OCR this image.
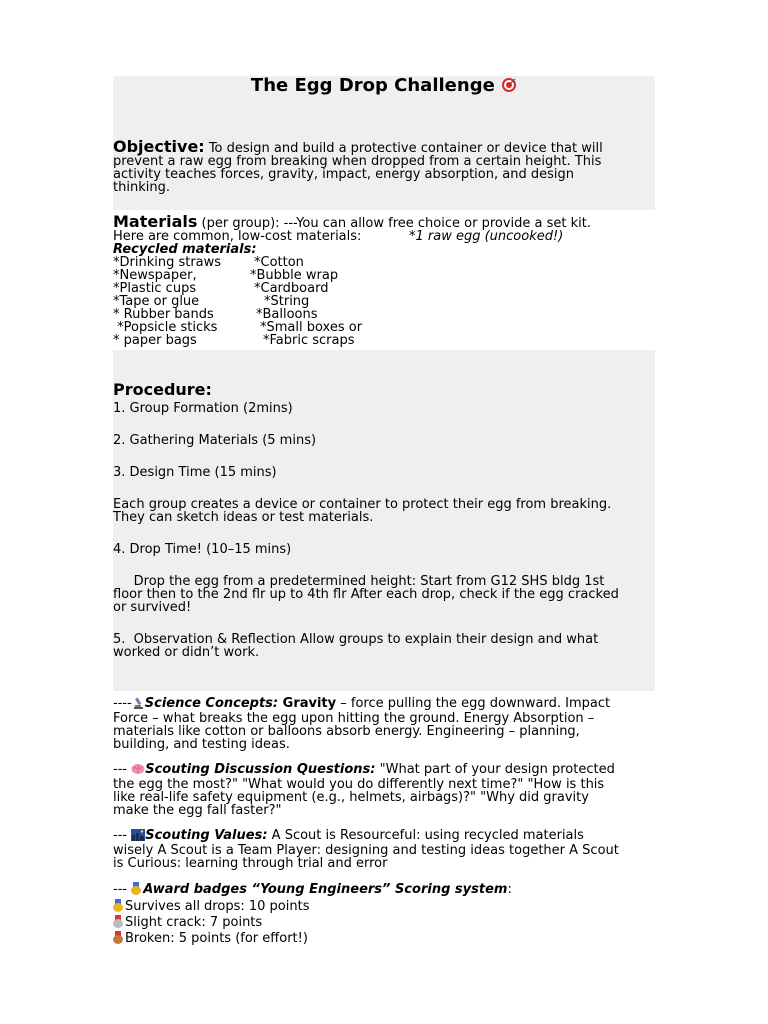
The Egg Drop Challenge
Objective: To design and build a protective container or device that will
prevent a raw egg from breaking when dropped from a certain height. This
activity teaches forces, gravity, impact, energy absorption, and design
thinking.
Materials (per group): ---You can allow free choice or provide a set kit.
Here are common, low-cost materials:	*1 raw egg (uncooked!)
Recycled materials:
*Drinking straws
*Newspaper,
*Plastic cups
*Tape or glue
* Rubber bands
*Popsicle sticks
* paper bags
*Cotton
*Bubble wrap
*Cardboard
*String
*Balloons
*Small boxes or
*Fabric scraps
Procedure:
1. Group Formation (2mins)
2. Gathering Materials (5 mins)
3. Design Time (15 mins)
Each group creates a device or container to protect their egg from breaking.
They can sketch ideas or test materials.
4. Drop Time! (10–15 mins)
Drop the egg from a predetermined height: Start from G12 SHS bldg 1st
floor then to the 2nd flr up to 4th flr After each drop, check if the egg cracked
or survived!
5.  Observation & Reflection Allow groups to explain their design and what
worked or didn’t work.
---- Science Concepts: Gravity – force pulling the egg downward. Impact
Force – what breaks the egg upon hitting the ground. Energy Absorption –
materials like cotton or balloons absorb energy. Engineering – planning,
building, and testing ideas.
--- Scouting Discussion Questions: "What part of your design protected
the egg the most?" "What would you do differently next time?" "How is this
like real-life safety equipment (e.g., helmets, airbags)?" "Why did gravity
make the egg fall faster?"
--- Scouting Values: A Scout is Resourceful: using recycled materials
wisely A Scout is a Team Player: designing and testing ideas together A Scout
is Curious: learning through trial and error
---
Award badges “Young Engineers” Scoring system:
Survives all drops: 10 points
Slight crack: 7 points
Broken: 5 points (for effort!)
